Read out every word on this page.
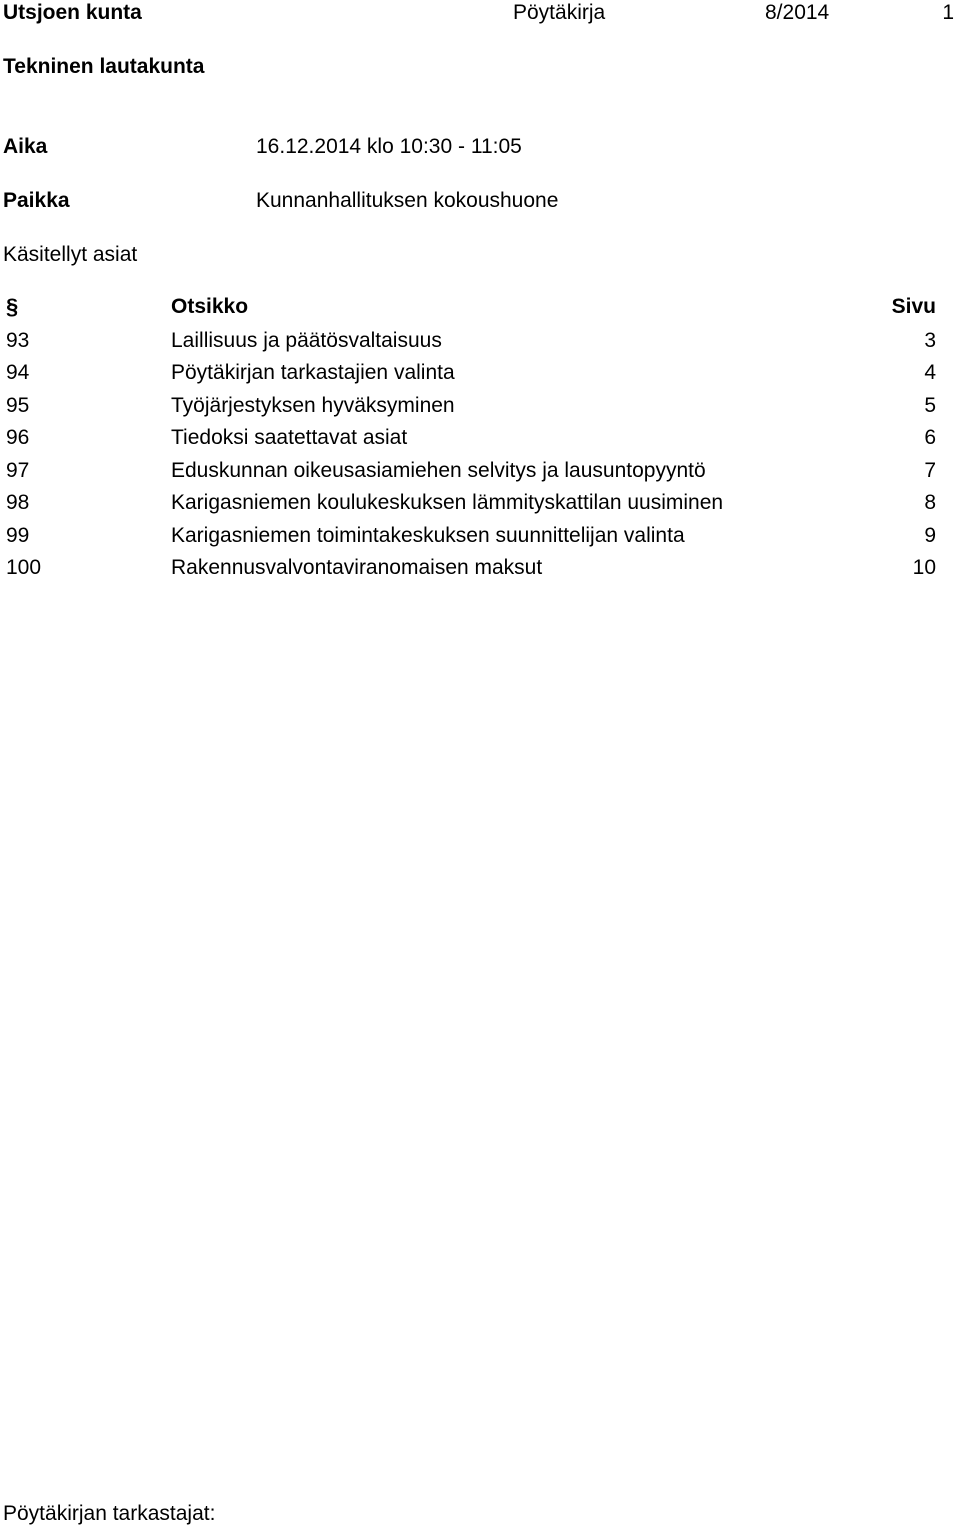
Utsjoen kunta	Pöytäkirja	8/2014	1
Tekninen lautakunta
Aika	16.12.2014 klo 10:30 - 11:05
Paikka	Kunnanhallituksen kokoushuone
Käsitellyt asiat
§	Otsikko	Sivu
93	Laillisuus ja päätösvaltaisuus	3
94	Pöytäkirjan tarkastajien valinta	4
95	Työjärjestyksen hyväksyminen	5
96	Tiedoksi saatettavat asiat	6
97	Eduskunnan oikeusasiamiehen selvitys ja lausuntopyyntö	7
98	Karigasniemen koulukeskuksen lämmityskattilan uusiminen	8
99	Karigasniemen toimintakeskuksen suunnittelijan valinta	9
100	Rakennusvalvontaviranomaisen maksut	10
Pöytäkirjan tarkastajat:
